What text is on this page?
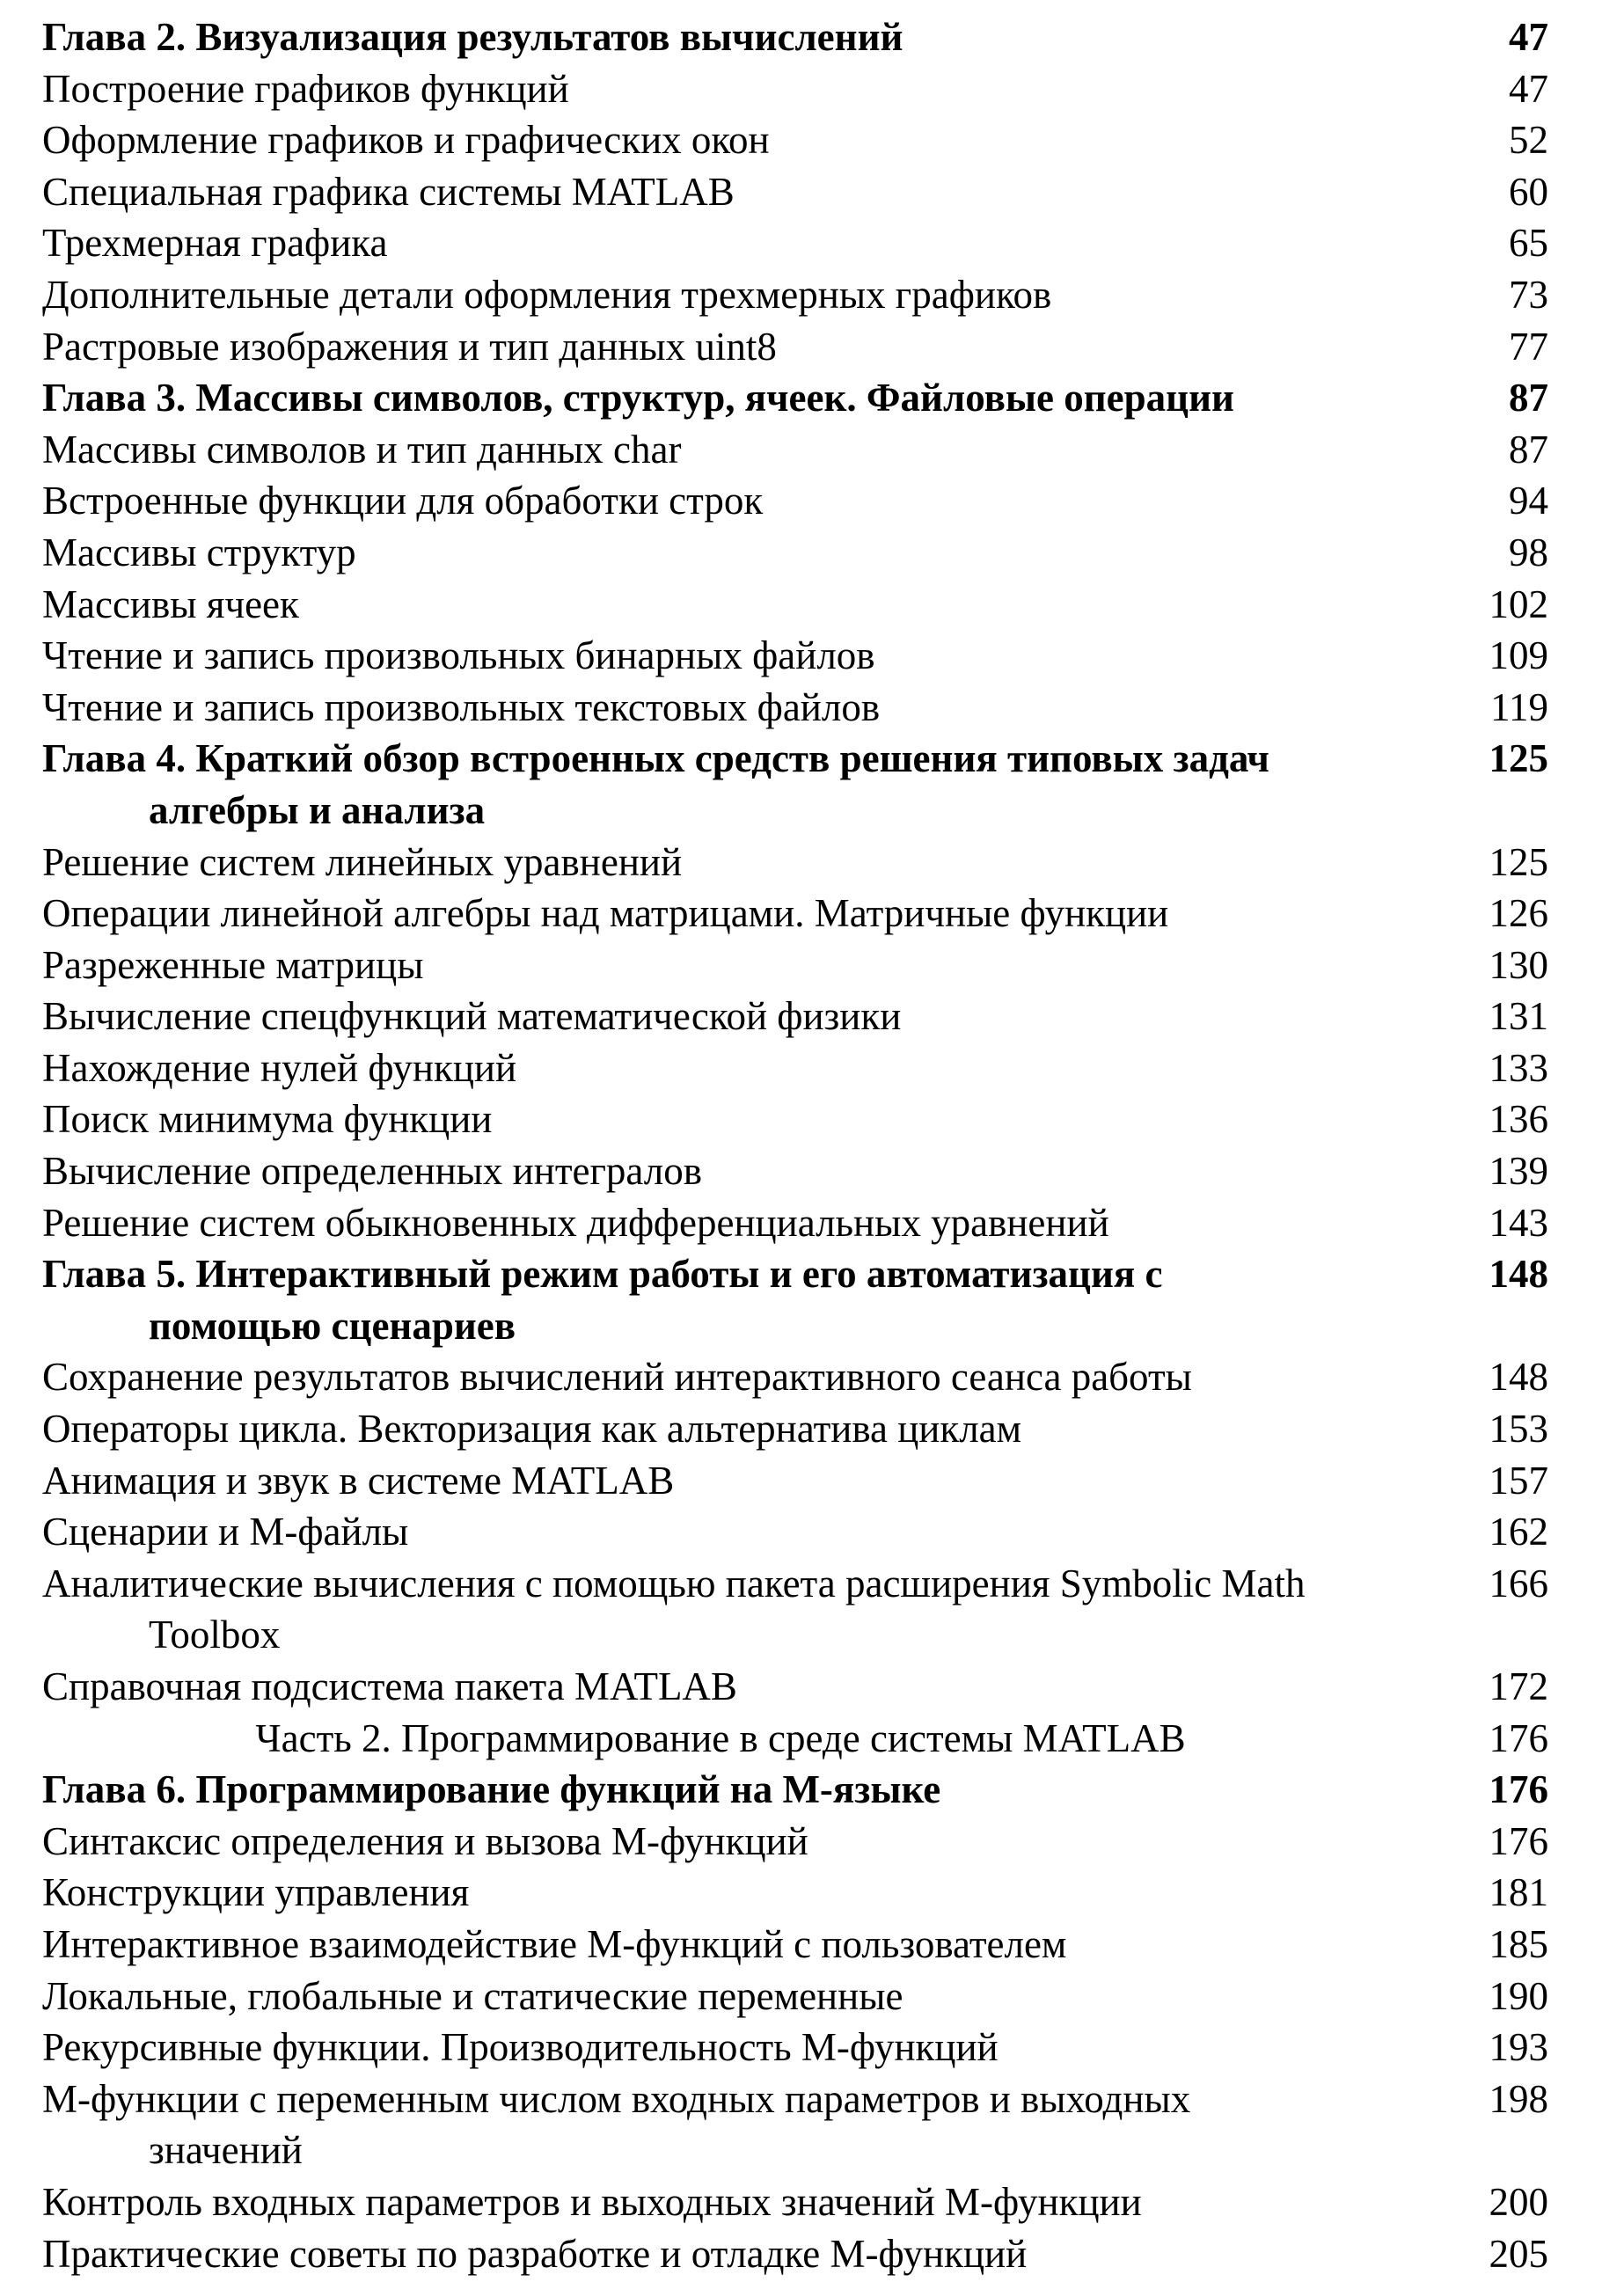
Глава 2. Визуализация результатов вычислений	47
Построение графиков функций	47
Оформление графиков и графических окон	52
Специальная графика системы MATLAB	60
Трехмерная графика	65
Дополнительные детали оформления трехмерных графиков	73
Растровые изображения и тип данных uint8	77
Глава 3. Массивы символов, структур, ячеек. Файловые операции	87
Массивы символов и тип данных char	87
Встроенные функции для обработки строк	94
Массивы структур	98
Массивы ячеек	102
Чтение и запись произвольных бинарных файлов	109
Чтение и запись произвольных текстовых файлов	119
Глава 4. Краткий обзор встроенных средств решения типовых задач	125
алгебры и анализа
Решение систем линейных уравнений	125
Операции линейной алгебры над матрицами. Матричные функции	126
Разреженные матрицы	130
Вычисление спецфункций математической физики	131
Нахождение нулей функций	133
Поиск минимума функции	136
Вычисление определенных интегралов	139
Решение систем обыкновенных дифференциальных уравнений	143
Глава 5. Интерактивный режим работы и его автоматизация с	148
помощью сценариев
Сохранение результатов вычислений интерактивного сеанса работы	148
Операторы цикла. Векторизация как альтернатива циклам	153
Анимация и звук в системе MATLAB	157
Сценарии и М-файлы	162
Аналитические вычисления с помощью пакета расширения Symbolic Math	166
Toolbox
Справочная подсистема пакета MATLAB	172
Часть 2. Программирование в среде системы MATLAB	176
Глава 6. Программирование функций на М-языке	176
Синтаксис определения и вызова М-функций	176
Конструкции управления	181
Интерактивное взаимодействие М-функций с пользователем	185
Локальные, глобальные и статические переменные	190
Рекурсивные функции. Производительность М-функций	193
М-функции с переменным числом входных параметров и выходных	198
значений
Контроль входных параметров и выходных значений М-функции	200
Практические советы по разработке и отладке М-функций	205
